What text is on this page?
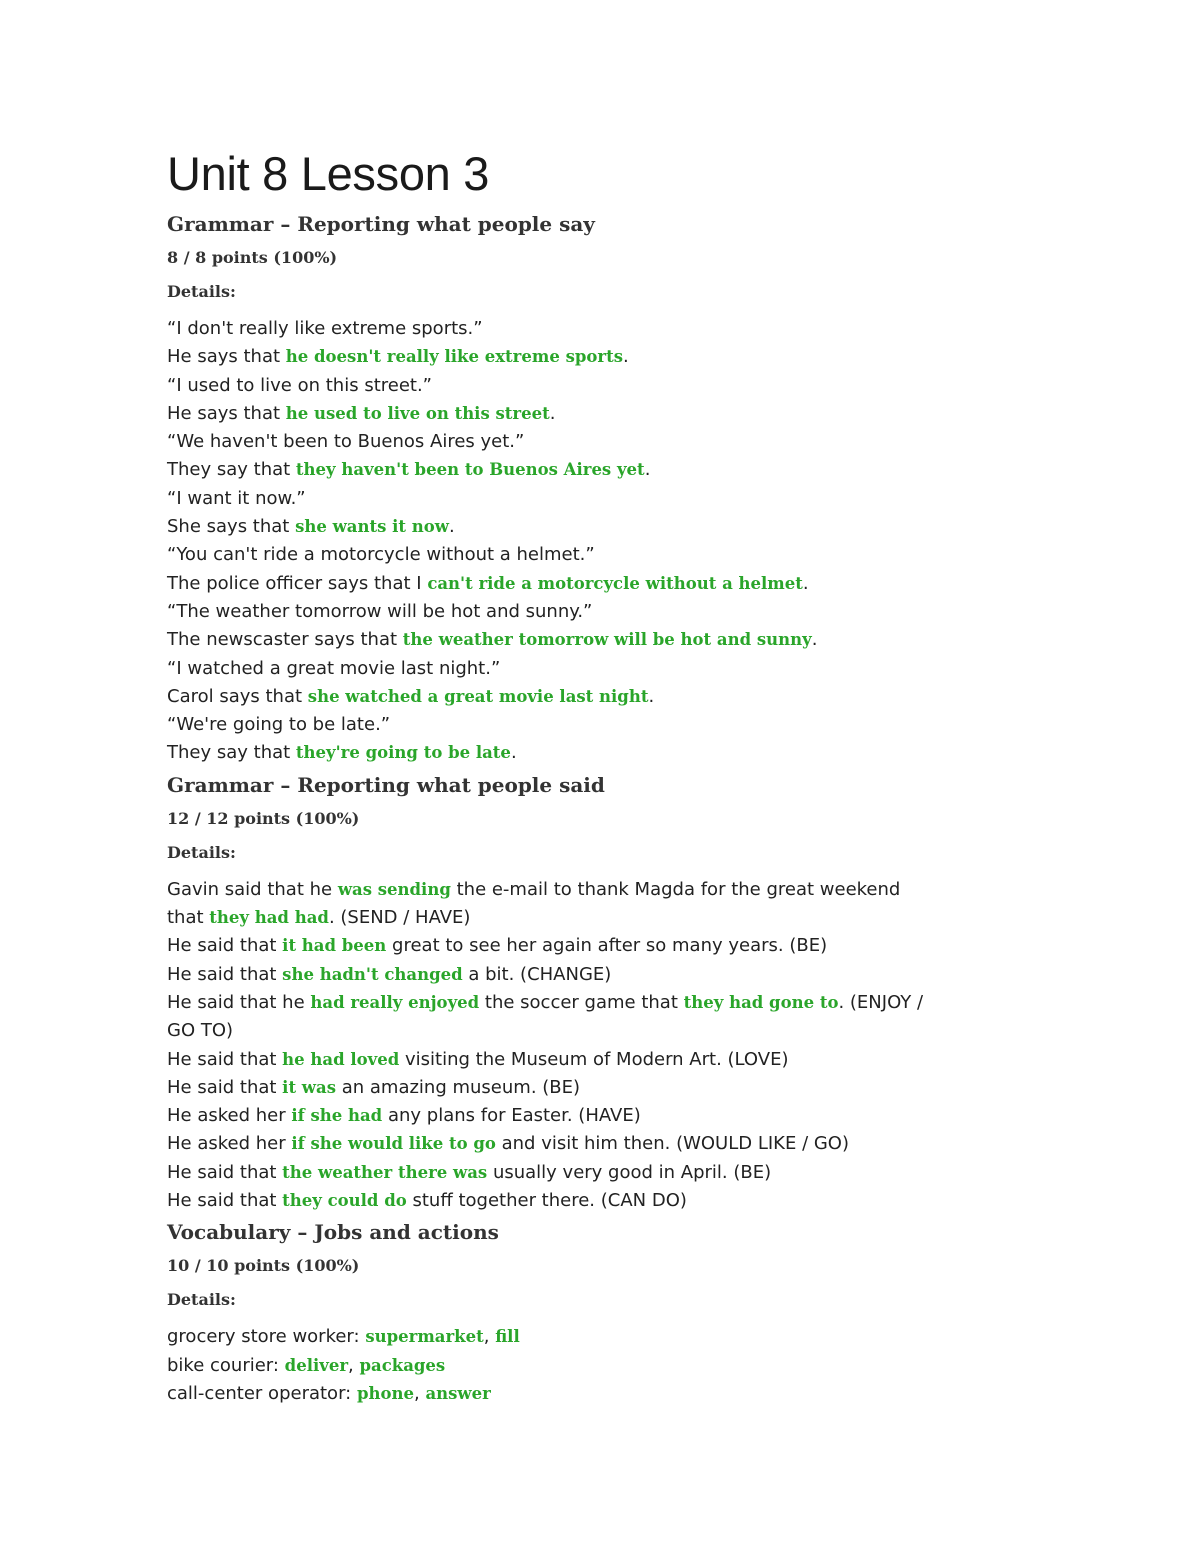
Unit 8 Lesson 3
Grammar – Reporting what people say
8 / 8 points (100%)
Details:
“I don't really like extreme sports.”
He says that he doesn't really like extreme sports.
“I used to live on this street.”
He says that he used to live on this street.
“We haven't been to Buenos Aires yet.”
They say that they haven't been to Buenos Aires yet.
“I want it now.”
She says that she wants it now.
“You can't ride a motorcycle without a helmet.”
The police officer says that I can't ride a motorcycle without a helmet.
“The weather tomorrow will be hot and sunny.”
The newscaster says that the weather tomorrow will be hot and sunny.
“I watched a great movie last night.”
Carol says that she watched a great movie last night.
“We're going to be late.”
They say that they're going to be late.
Grammar – Reporting what people said
12 / 12 points (100%)
Details:
Gavin said that he was sending the e-mail to thank Magda for the great weekend
that they had had. (SEND / HAVE)
He said that it had been great to see her again after so many years. (BE)
He said that she hadn't changed a bit. (CHANGE)
He said that he had really enjoyed the soccer game that they had gone to. (ENJOY /
GO TO)
He said that he had loved visiting the Museum of Modern Art. (LOVE)
He said that it was an amazing museum. (BE)
He asked her if she had any plans for Easter. (HAVE)
He asked her if she would like to go and visit him then. (WOULD LIKE / GO)
He said that the weather there was usually very good in April. (BE)
He said that they could do stuff together there. (CAN DO)
Vocabulary – Jobs and actions
10 / 10 points (100%)
Details:
grocery store worker: supermarket, fill
bike courier: deliver, packages
call-center operator: phone, answer
